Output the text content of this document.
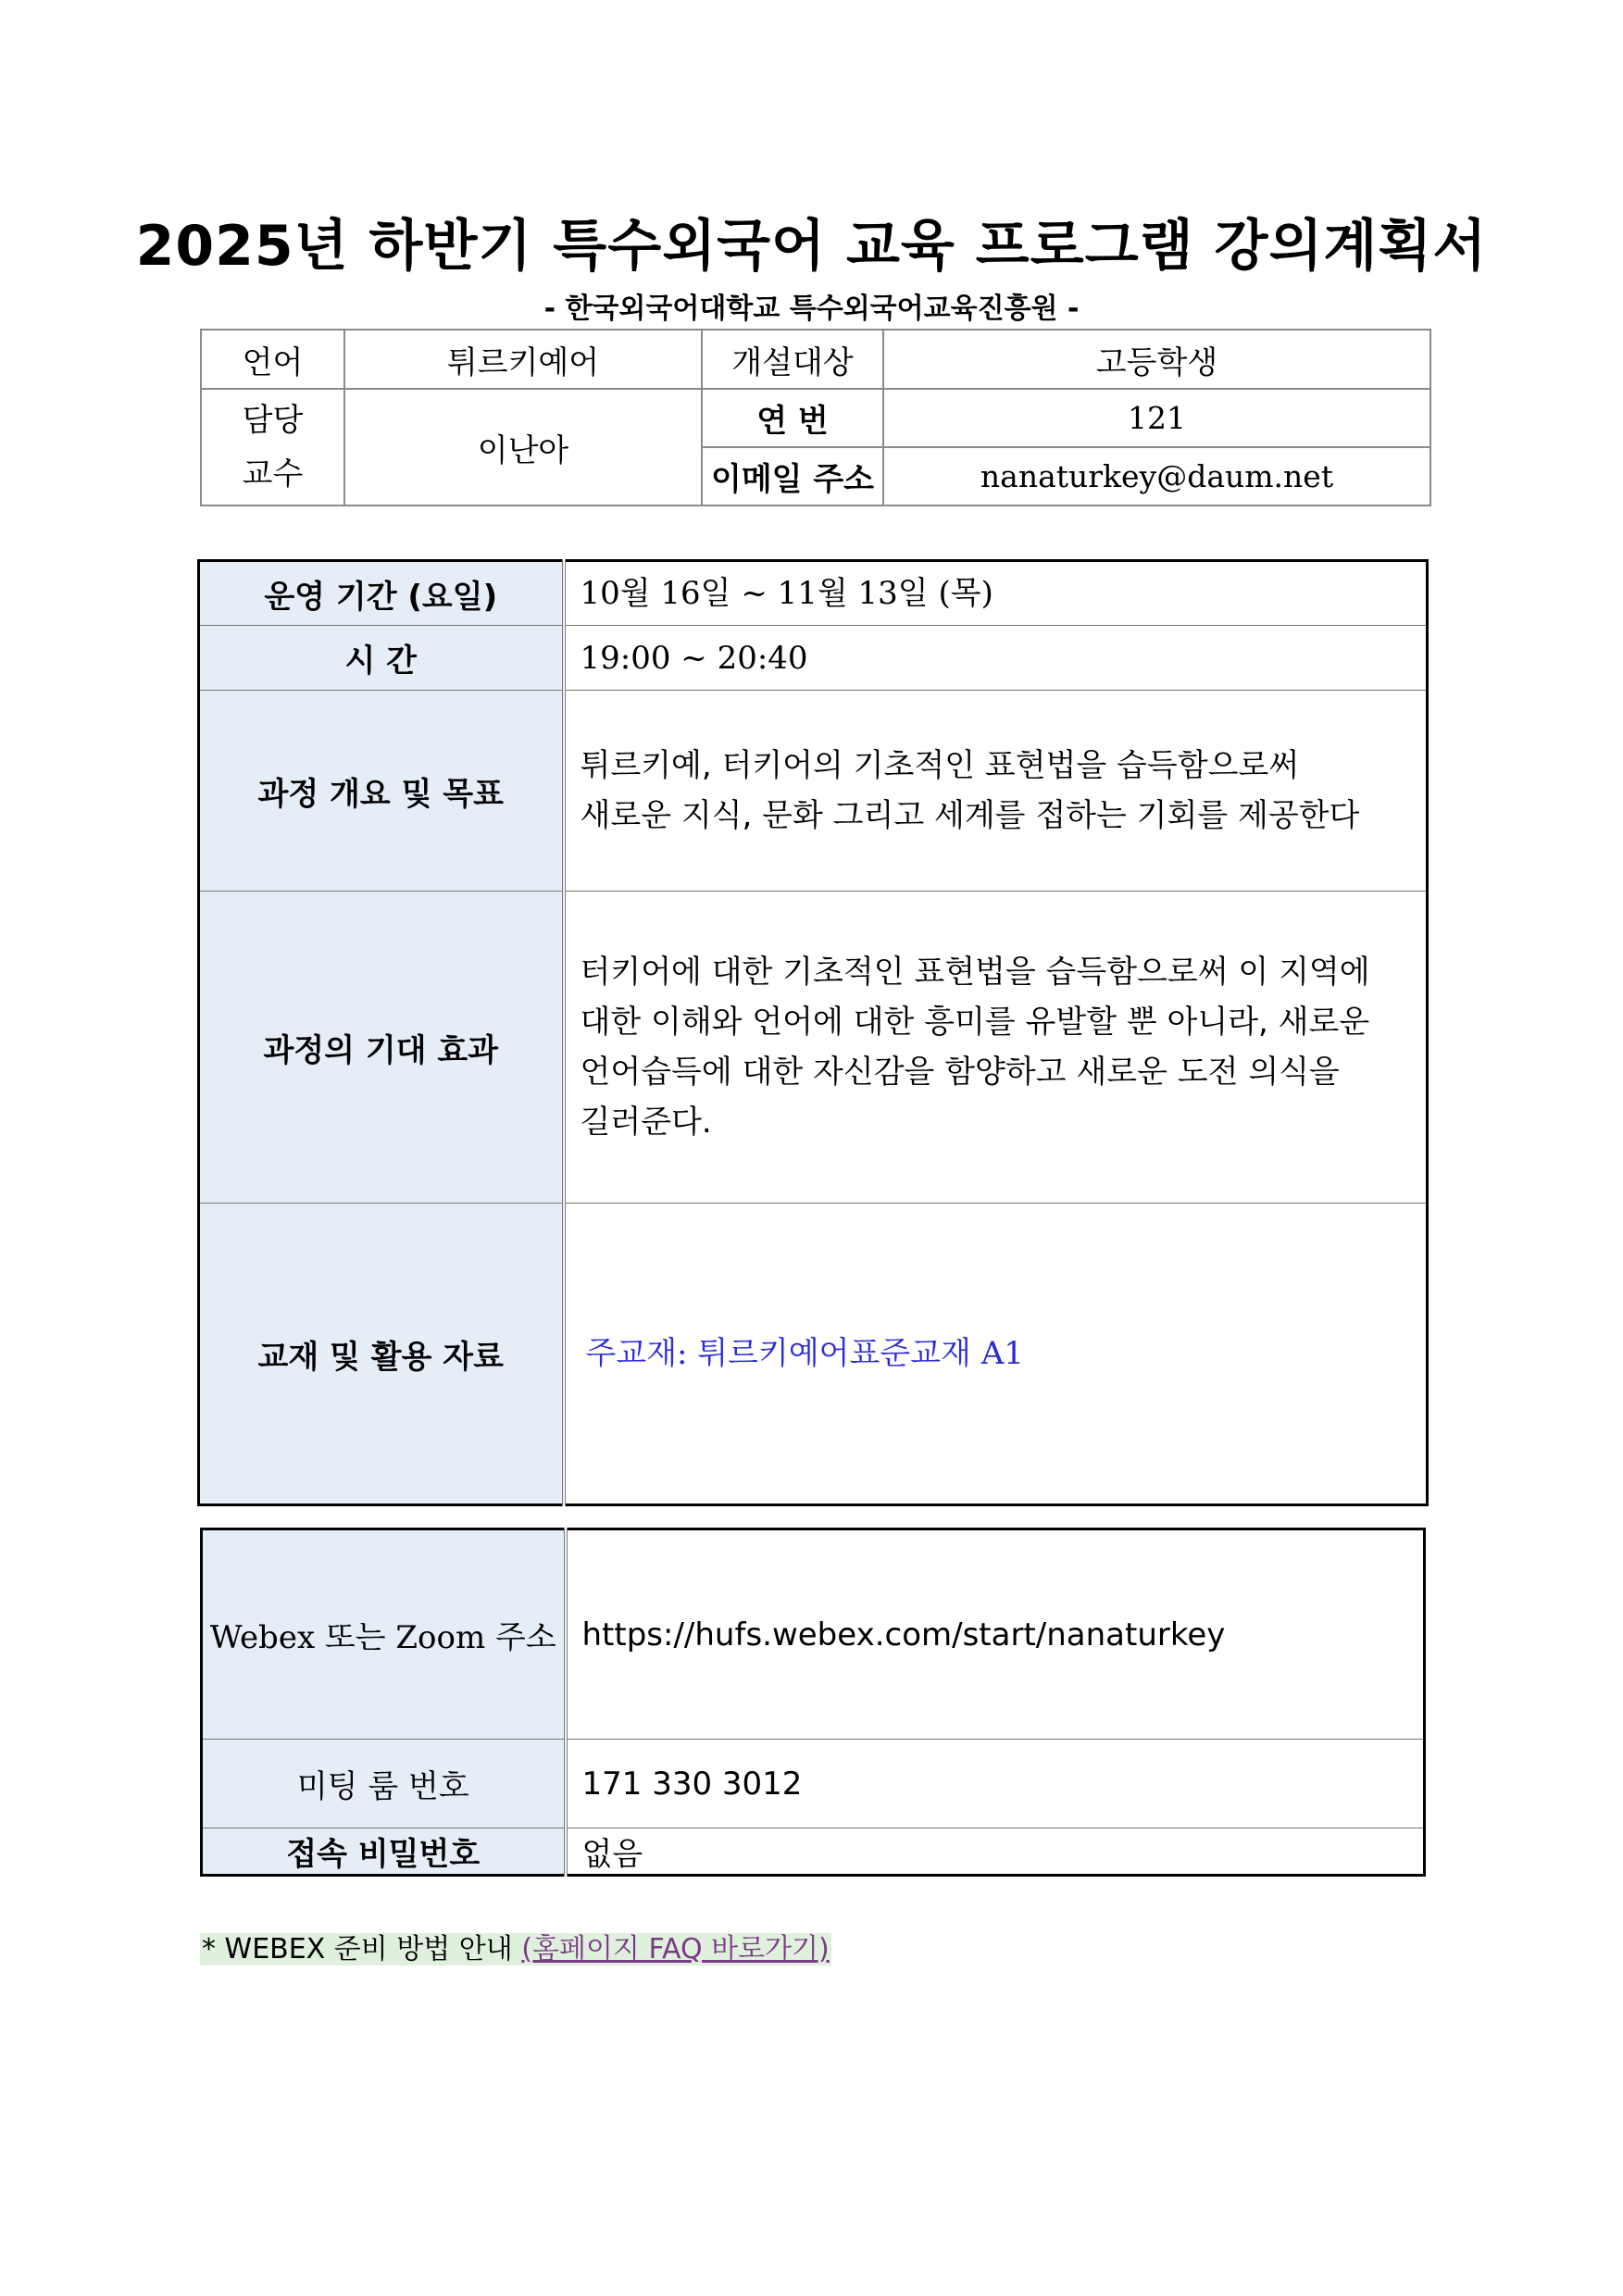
2025년 하반기 특수외국어 교육 프로그램 강의계획서
- 한국외국어대학교 특수외국어교육진흥원 -
언어	튀르키예어	개설대상	고등학생

담당
교수	이난아	연 번	121
		이메일 주소	nanaturkey@daum.net
운영 기간 (요일)	10월 16일 ~ 11월 13일 (목)
시 간	19:00 ~ 20:40
과정 개요 및 목표	튀르키예, 터키어의 기초적인 표현법을 습득함으로써
새로운 지식, 문화 그리고 세계를 접하는 기회를 제공한다

과정의 기대 효과	터키어에 대한 기초적인 표현법을 습득함으로써 이 지역에
대한 이해와 언어에 대한 흥미를 유발할 뿐 아니라, 새로운
언어습득에 대한 자신감을 함양하고 새로운 도전 의식을
길러준다.

교재 및 활용 자료	주교재: 튀르키예어표준교재 A1
Webex 또는 Zoom 주소	https://hufs.webex.com/start/nanaturkey
미팅 룸 번호	171 330 3012
접속 비밀번호	없음
* WEBEX 준비 방법 안내 (홈페이지 FAQ 바로가기)
